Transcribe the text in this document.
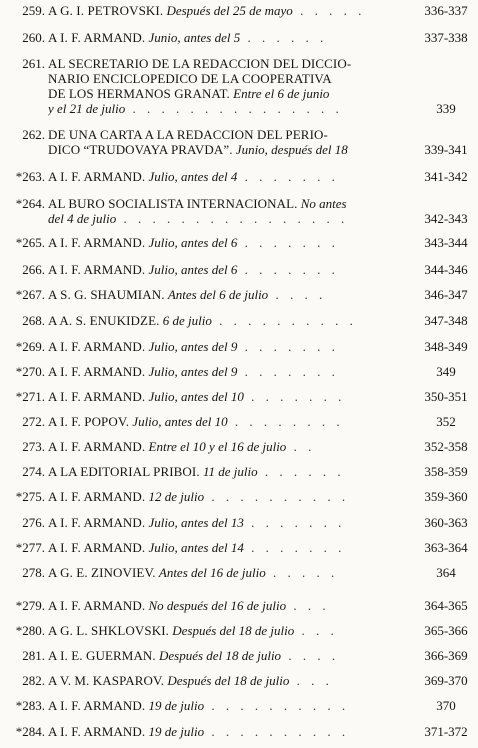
259. A G. I. PETROVSKI. Después del 25 de mayo . . . . .	336-337
260. A I. F. ARMAND. Junio, antes del 5 . . . . . .	337-338
261. AL SECRETARIO DE LA REDACCION DEL DICCIO-
NARIO ENCICLOPEDICO DE LA COOPERATIVA
DE LOS HERMANOS GRANAT. Entre el 6 de junio
y el 21 de julio . . . . . . . . . . . . . . .	339
262. DE UNA CARTA A LA REDACCION DEL PERIO-
DICO “TRUDOVAYA PRAVDA”. Junio, después del 18	339-341
*263. A I. F. ARMAND. Julio, antes del 4 . . . . . . .	341-342
*264. AL BURO SOCIALISTA INTERNACIONAL. No antes
del 4 de julio . . . . . . . . . . . . . . . .	342-343
*265. A I. F. ARMAND. Julio, antes del 6 . . . . . . .	343-344
266. A I. F. ARMAND. Julio, antes del 6 . . . . . . .	344-346
*267. A S. G. SHAUMIAN. Antes del 6 de julio . . . .	346-347
268. A A. S. ENUKIDZE. 6 de julio . . . . . . . . . .	347-348
*269. A I. F. ARMAND. Julio, antes del 9 . . . . . . .	348-349
*270. A I. F. ARMAND. Julio, antes del 9 . . . . . . .	349
*271. A I. F. ARMAND. Julio, antes del 10 . . . . . . .	350-351
272. A I. F. POPOV. Julio, antes del 10 . . . . . . . .	352
273. A I. F. ARMAND. Entre el 10 y el 16 de julio . .	352-358
274. A LA EDITORIAL PRIBOI. 11 de julio . . . . . .	358-359
*275. A I. F. ARMAND. 12 de julio . . . . . . . . . .	359-360
276. A I. F. ARMAND. Julio, antes del 13 . . . . . . .	360-363
*277. A I. F. ARMAND. Julio, antes del 14 . . . . . . .	363-364
278. A G. E. ZINOVIEV. Antes del 16 de julio . . . . .	364
*279. A I. F. ARMAND. No después del 16 de julio . . .	364-365
*280. A G. L. SHKLOVSKI. Después del 18 de julio . . .	365-366
281. A I. E. GUERMAN. Después del 18 de julio . . . .	366-369
282. A V. M. KASPAROV. Después del 18 de julio . . .	369-370
*283. A I. F. ARMAND. 19 de julio . . . . . . . . . .	370
*284. A I. F. ARMAND. 19 de julio . . . . . . . . . .	371-372
